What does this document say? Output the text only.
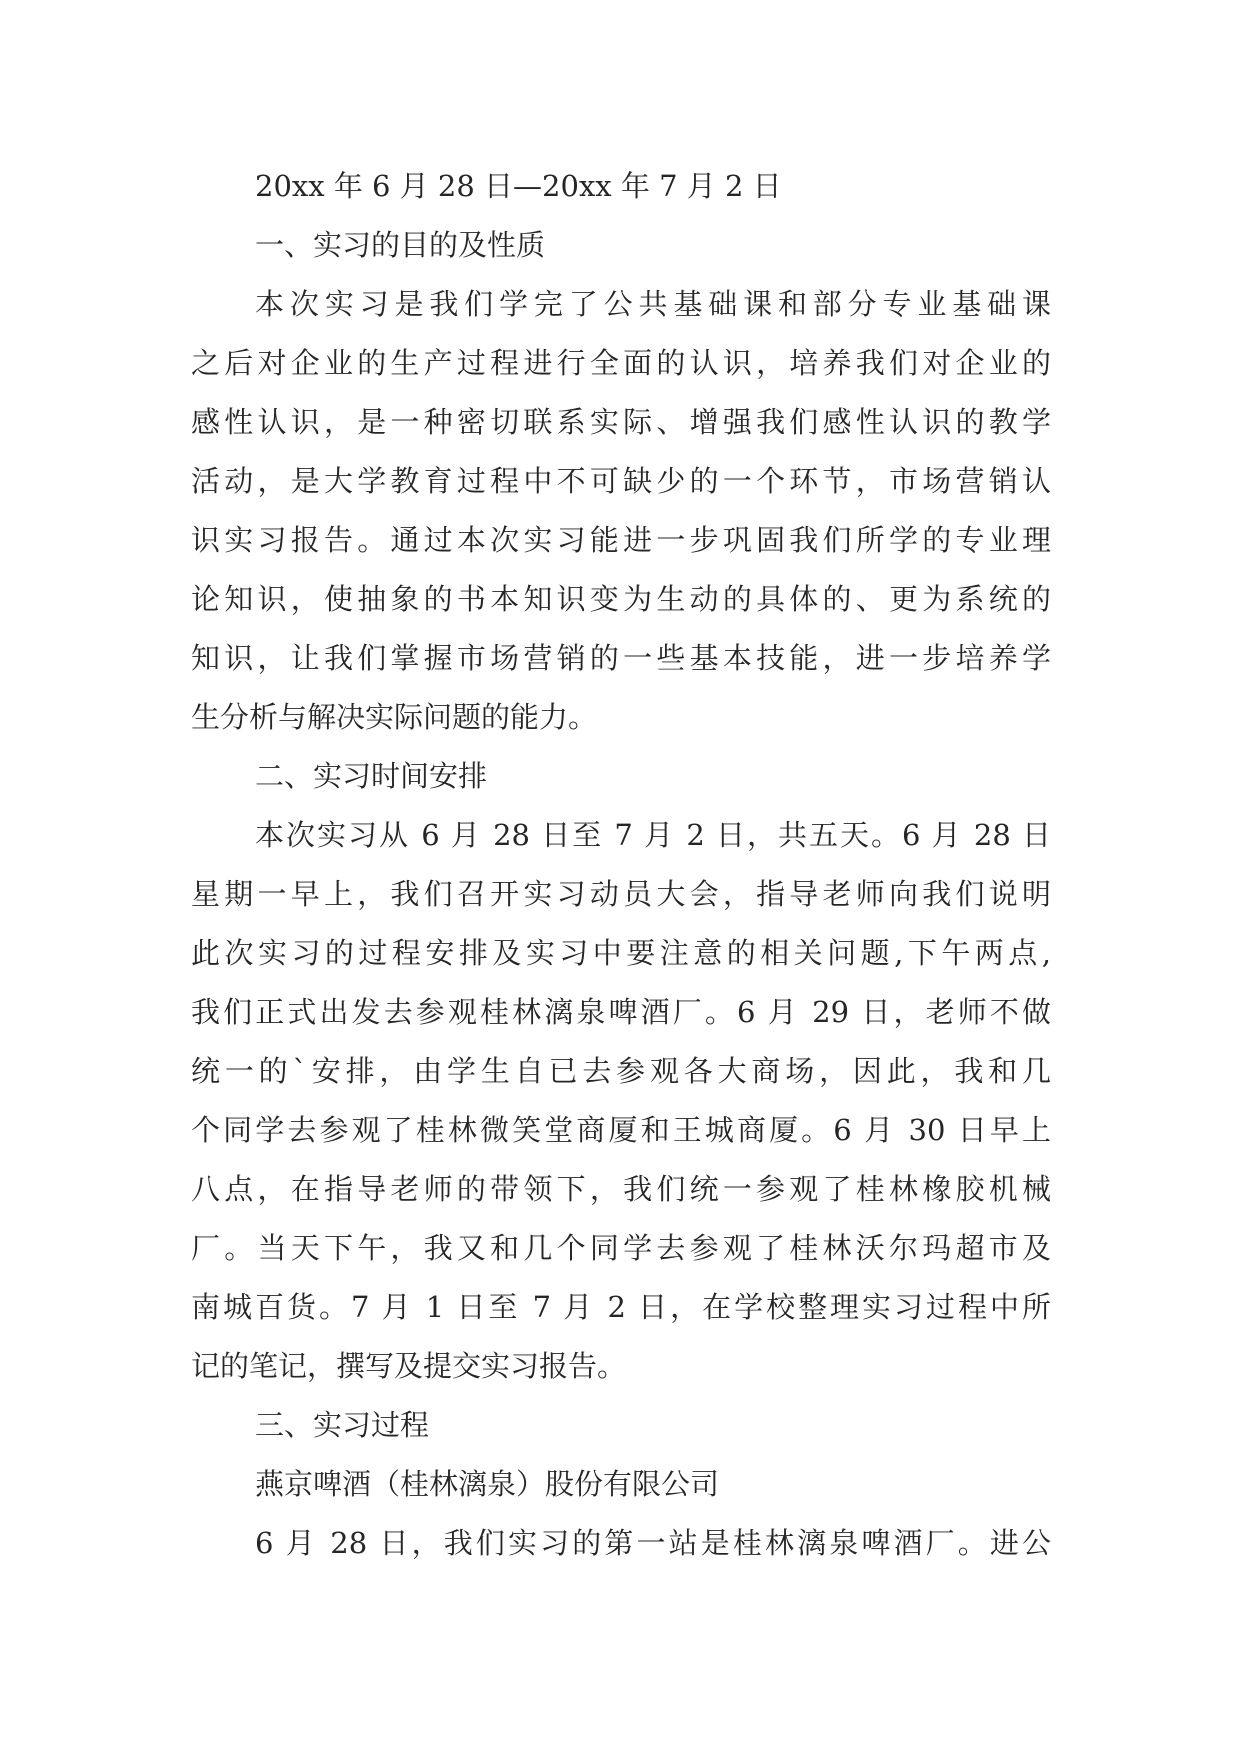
20xx 年 6 月 28 日—20xx 年 7 月 2 日
一、实习的目的及性质
本次实习是我们学完了公共基础课和部分专业基础课
之后对企业的生产过程进行全面的认识，培养我们对企业的
感性认识，是一种密切联系实际、增强我们感性认识的教学
活动，是大学教育过程中不可缺少的一个环节，市场营销认
识实习报告。通过本次实习能进一步巩固我们所学的专业理
论知识，使抽象的书本知识变为生动的具体的、更为系统的
知识，让我们掌握市场营销的一些基本技能，进一步培养学
生分析与解决实际问题的能力。
二、实习时间安排
本次实习从 6 月 28 日至 7 月 2 日，共五天。6 月 28 日
星期一早上，我们召开实习动员大会，指导老师向我们说明
此次实习的过程安排及实习中要注意的相关问题,下午两点,
我们正式出发去参观桂林漓泉啤酒厂。6 月 29 日，老师不做
统一的`安排，由学生自已去参观各大商场，因此，我和几
个同学去参观了桂林微笑堂商厦和王城商厦。6 月 30 日早上
八点，在指导老师的带领下，我们统一参观了桂林橡胶机械
厂。当天下午，我又和几个同学去参观了桂林沃尔玛超市及
南城百货。7 月 1 日至 7 月 2 日，在学校整理实习过程中所
记的笔记，撰写及提交实习报告。
三、实习过程
燕京啤酒（桂林漓泉）股份有限公司
6 月 28 日，我们实习的第一站是桂林漓泉啤酒厂。进公
